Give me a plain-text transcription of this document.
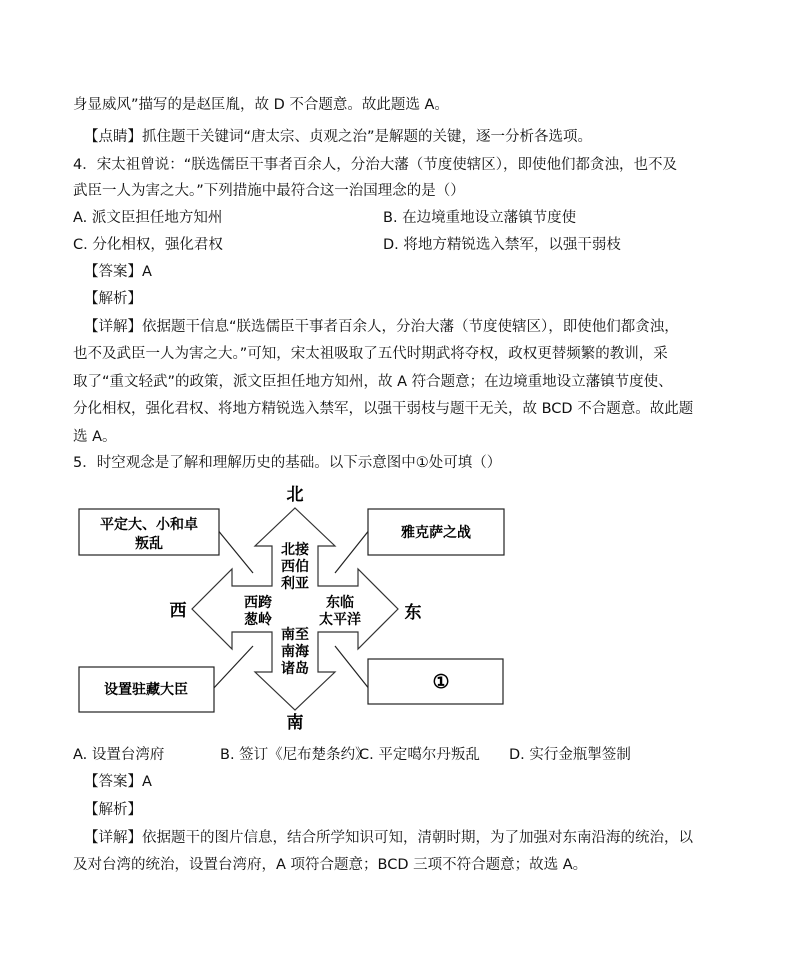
身显威风”描写的是赵匡胤，故 D 不合题意。故此题选 A。
【点睛】抓住题干关键词“唐太宗、贞观之治”是解题的关键，逐一分析各选项。
4．宋太祖曾说：“朕选儒臣干事者百余人，分治大藩（节度使辖区），即使他们都贪浊，也不及
武臣一人为害之大。”下列措施中最符合这一治国理念的是（）
A. 派文臣担任地方知州	B. 在边境重地设立藩镇节度使
C. 分化相权，强化君权	D. 将地方精锐选入禁军，以强干弱枝
【答案】A
【解析】
【详解】依据题干信息“朕选儒臣干事者百余人，分治大藩（节度使辖区），即使他们都贪浊，
也不及武臣一人为害之大。”可知，宋太祖吸取了五代时期武将夺权，政权更替频繁的教训，采
取了“重文轻武”的政策，派文臣担任地方知州，故 A 符合题意；在边境重地设立藩镇节度使、
分化相权，强化君权、将地方精锐选入禁军，以强干弱枝与题干无关，故 BCD 不合题意。故此题
选 A。
5．时空观念是了解和理解历史的基础。以下示意图中①处可填（）
北
南
西	东
北接
西伯
利亚
西跨
葱岭
东临
太平洋
南至
南海
诸岛
平定大、小和卓
叛乱
雅克萨之战
设置驻藏大臣	①
A. 设置台湾府	B. 签订《尼布楚条约》
C. 平定噶尔丹叛乱 D. 实行金瓶掣签制
【答案】A
【解析】
【详解】依据题干的图片信息，结合所学知识可知，清朝时期，为了加强对东南沿海的统治，以
及对台湾的统治，设置台湾府，A 项符合题意；BCD 三项不符合题意；故选 A。
